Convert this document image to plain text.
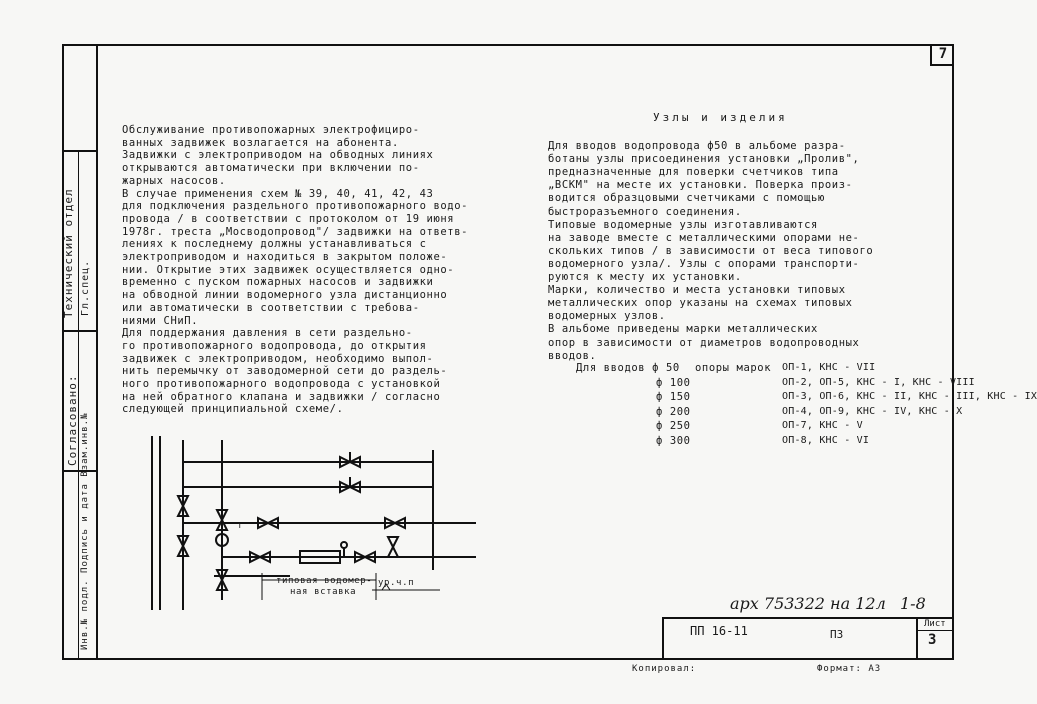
7
Технический отдел Гл.спец.
Согласовано: Инв.№ подл. Подпись и дата Взам.инв.№
Обслуживание противопожарных электрофицирo-
ванных задвижек возлагается на абонента.
Задвижки с электроприводом на обводных линиях
открываются автоматически при включении по-
жарных насосов.
В случае применения схем № 39, 40, 41, 42, 43
для подключения раздельного противопожарного водо-
провода / в соответствии с протоколом от 19 июня
1978г. треста „Мосводопровод"/ задвижки на ответв-
лениях к последнему должны устанавливаться с
электроприводом и находиться в закрытом положе-
нии. Открытие этих задвижек осуществляется одно-
временно с пуском пожарных насосов и задвижки
на обводной линии водомерного узла дистанционно
или автоматически в соответствии с требова-
ниями СНиП.
Для поддержания давления в сети раздельно-
го противопожарного водопровода, до открытия
задвижек с электроприводом, необходимо выпол-
нить перемычку от заводомерной сети до раздель-
ного противопожарного водопровода с установкой
на ней обратного клапана и задвижки / согласно
следующей принципиальной схеме/.
Узлы и изделия
Для вводов водопровода ф50 в альбоме разра-
ботаны узлы присоединения установки „Пролив",
предназначенные для поверки счетчиков типа
„ВСКМ" на месте их установки. Поверка произ-
водится образцовыми счетчиками с помощью
быстроразъемного соединения.
Типовые водомерные узлы изготавливаются
на заводе вместе с металлическими опорами не-
скольких типов / в зависимости от веса типового
водомерного узла/. Узлы с опорами транспорти-
руются к месту их установки.
Марки, количество и места установки типовых
металлических опор указаны на схемах типовых
водомерных узлов.
В альбоме приведены марки металлических
опор в зависимости от диаметров водопроводных
вводов.
Для вводов ф 50 опоры марок ОП-1, КНС - VII
ф 100	ОП-2, ОП-5, КНС - I, КНС - VIII
ф 150	ОП-3, ОП-6, КНС - II, КНС - III, КНС - IX
ф 200	ОП-4, ОП-9, КНС - IV, КНС - X
ф 250	ОП-7, КНС - V
ф 300	ОП-8, КНС - VI
т
типовая водомер-
ная вставка
ур.ч.п
арх 753322 на 12л 1-8
ПП 16-11	ПЗ
Лист
3
Копировал:	Формат: А3
